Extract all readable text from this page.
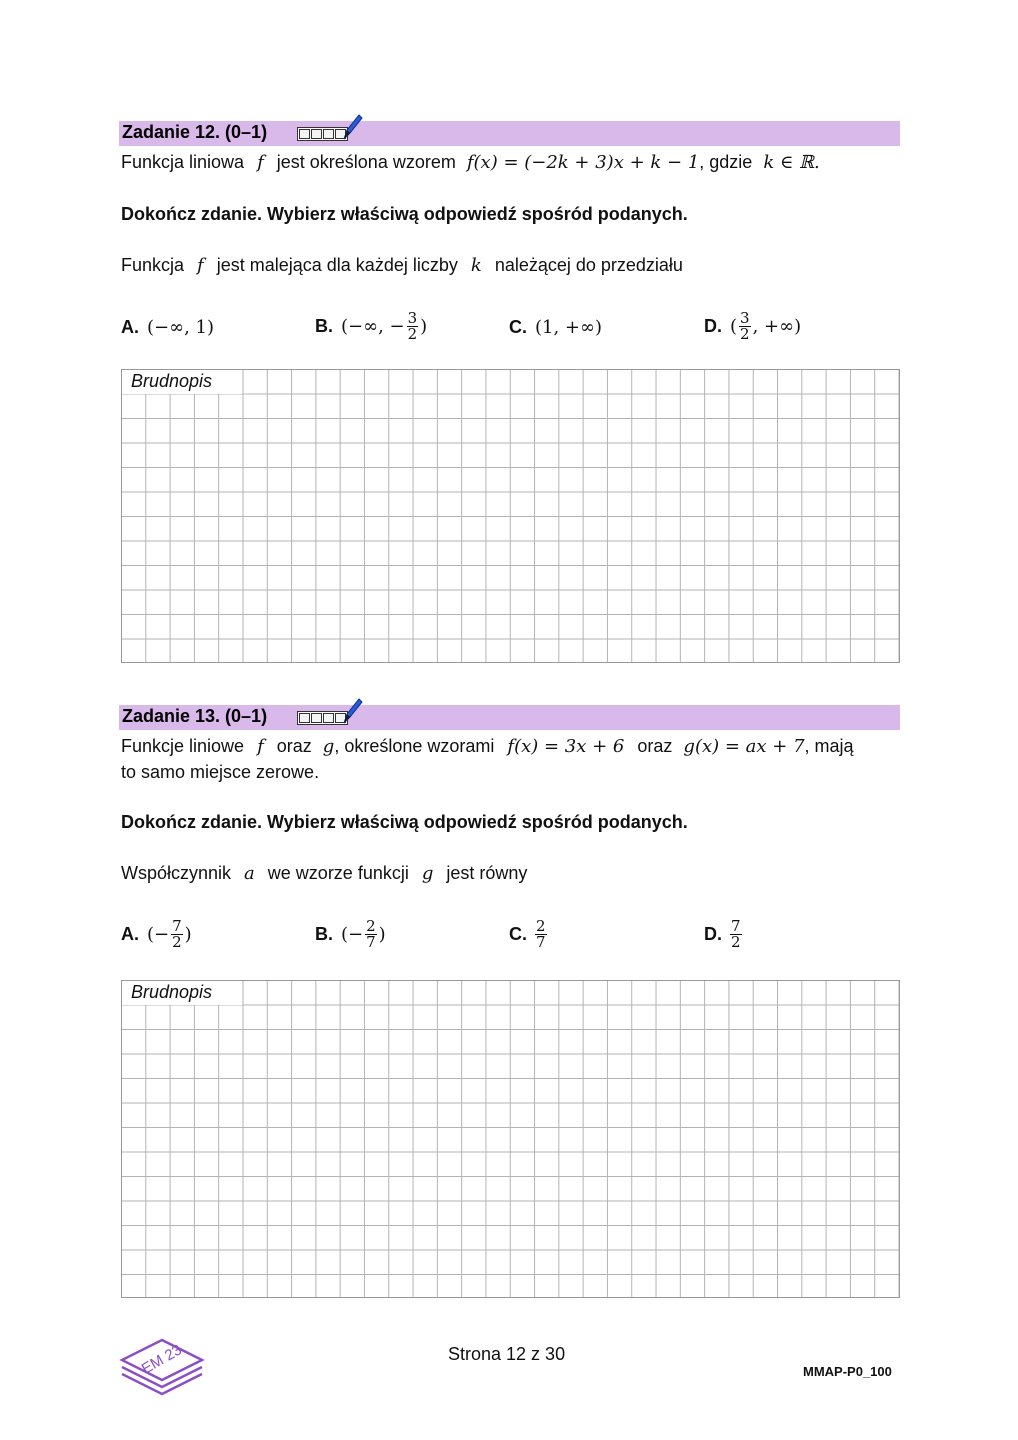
Zadanie 12. (0–1)
Funkcja liniowa f jest określona wzorem f(x) = (−2k + 3)x + k − 1, gdzie k ∈ ℝ.
Dokończ zdanie. Wybierz właściwą odpowiedź spośród podanych.
Funkcja f jest malejąca dla każdej liczby k należącej do przedziału
A. (−∞, 1)	B. (−∞, − $\frac{3}{2}$ )	C. (1, +∞)	D. ( $\frac{3}{2}$ , +∞)
Brudnopis
Zadanie 13. (0–1)
Funkcje liniowe f oraz g, określone wzorami f(x) = 3x + 6 oraz g(x) = ax + 7, mają
to samo miejsce zerowe.
Dokończ zdanie. Wybierz właściwą odpowiedź spośród podanych.
Współczynnik a we wzorze funkcji g jest równy
A. (− $\frac{7}{2}$ )	B. (− $\frac{2}{7}$ )	C. $\frac{2}{7}$	D. $\frac{7}{2}$
Brudnopis
EM 23	Strona 12 z 30
MMAP-P0_100
